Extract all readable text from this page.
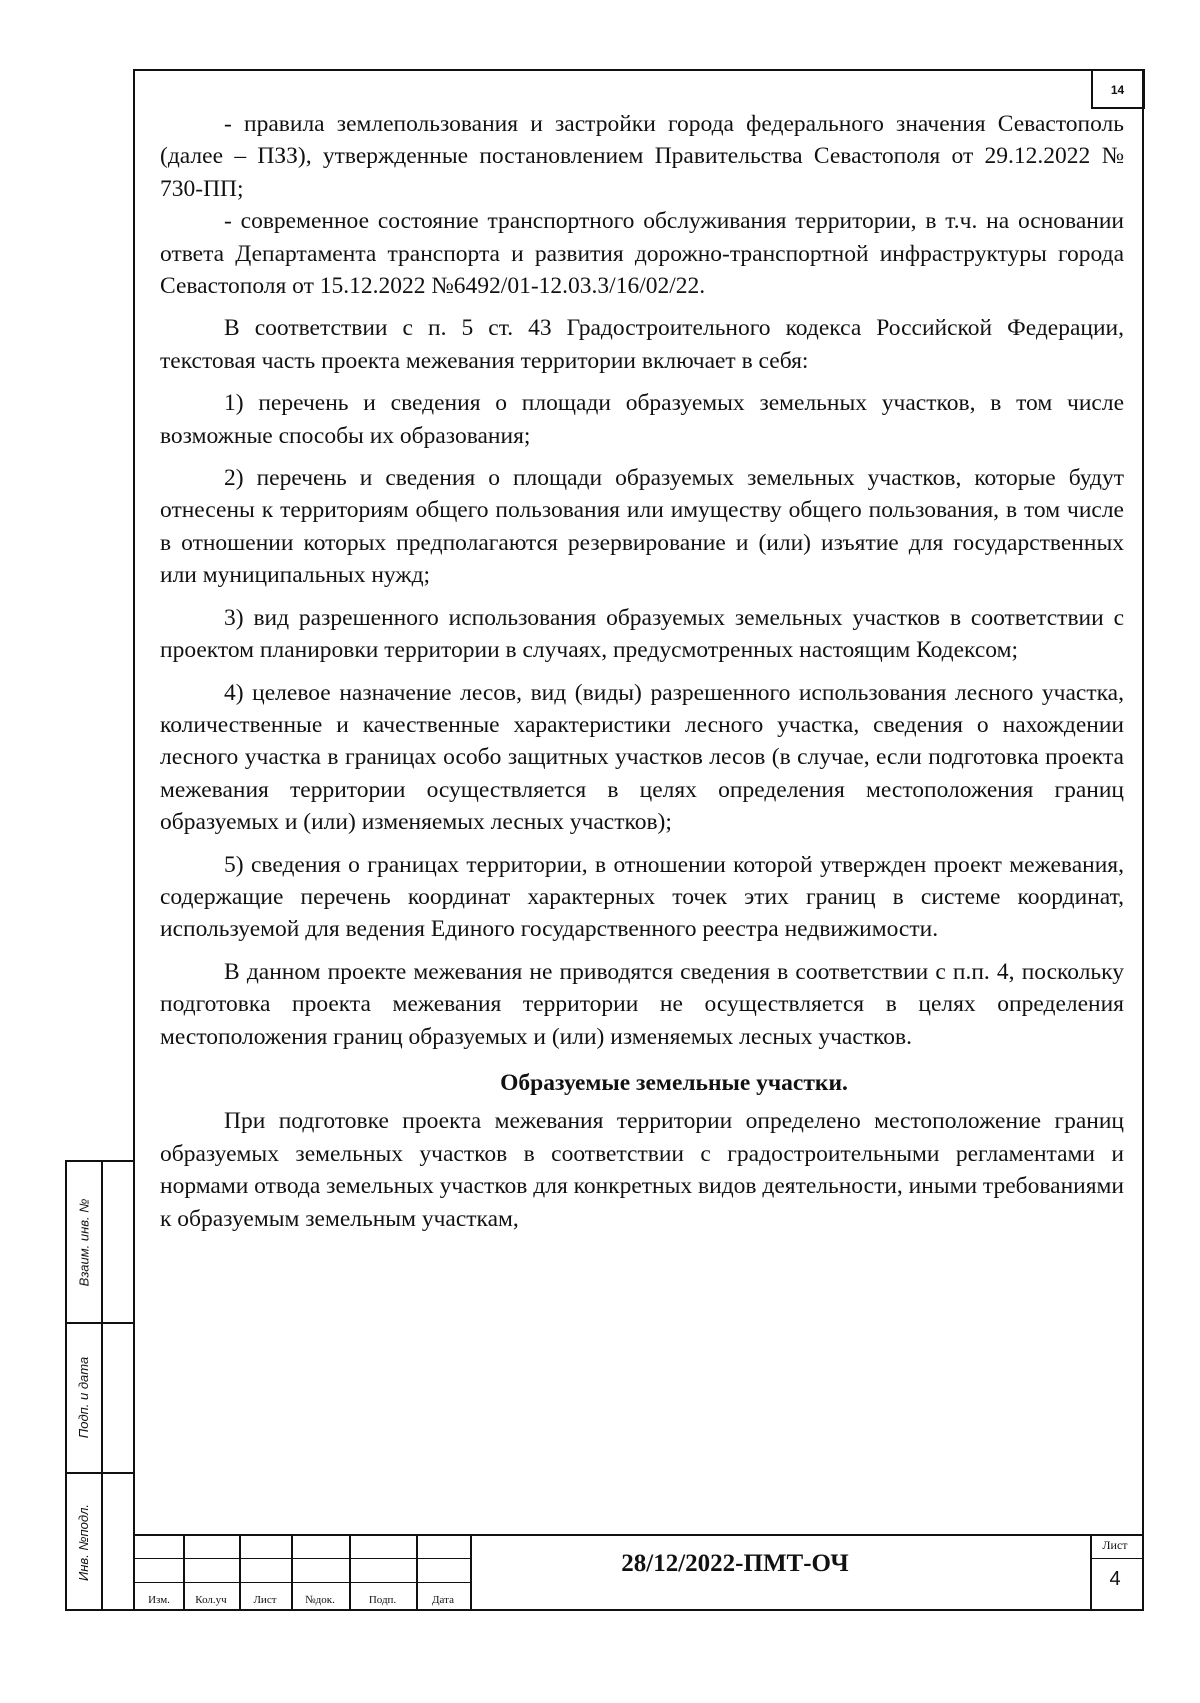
Взаим. инв. №
Подп. и дата
Инв. №подл.
14
Изм.	Кол.уч	Лист	№док.	Подп.	Дата
28/12/2022-ПМТ-ОЧ
Лист
4

- правила землепользования и застройки города федерального значения Севастополь (далее – ПЗЗ), утвержденные постановлением Правительства Севастополя от 29.12.2022 № 730-ПП;

- современное состояние транспортного обслуживания территории, в т.ч. на основании ответа Департамента транспорта и развития дорожно-транспортной инфраструктуры города Севастополя от 15.12.2022 №6492/01-12.03.3/16/02/22.

В соответствии с п. 5 ст. 43 Градостроительного кодекса Российской Федерации, текстовая часть проекта межевания территории включает в себя:

1) перечень и сведения о площади образуемых земельных участков, в том числе возможные способы их образования;

2) перечень и сведения о площади образуемых земельных участков, которые будут отнесены к территориям общего пользования или имуществу общего пользования, в том числе в отношении которых предполагаются резервирование и (или) изъятие для государственных или муниципальных нужд;

3) вид разрешенного использования образуемых земельных участков в соответствии с проектом планировки территории в случаях, предусмотренных настоящим Кодексом;

4) целевое назначение лесов, вид (виды) разрешенного использования лесного участка, количественные и качественные характеристики лесного участка, сведения о нахождении лесного участка в границах особо защитных участков лесов (в случае, если подготовка проекта межевания территории осуществляется в целях определения местоположения границ образуемых и (или) изменяемых лесных участков);

5) сведения о границах территории, в отношении которой утвержден проект межевания, содержащие перечень координат характерных точек этих границ в системе координат, используемой для ведения Единого государственного реестра недвижимости.

В данном проекте межевания не приводятся сведения в соответствии с п.п. 4, поскольку подготовка проекта межевания территории не осуществляется в целях определения местоположения границ образуемых и (или) изменяемых лесных участков.

Образуемые земельные участки.

При подготовке проекта межевания территории определено местоположение границ образуемых земельных участков в соответствии с градостроительными регламентами и нормами отвода земельных участков для конкретных видов деятельности, иными требованиями к образуемым земельным участкам,
